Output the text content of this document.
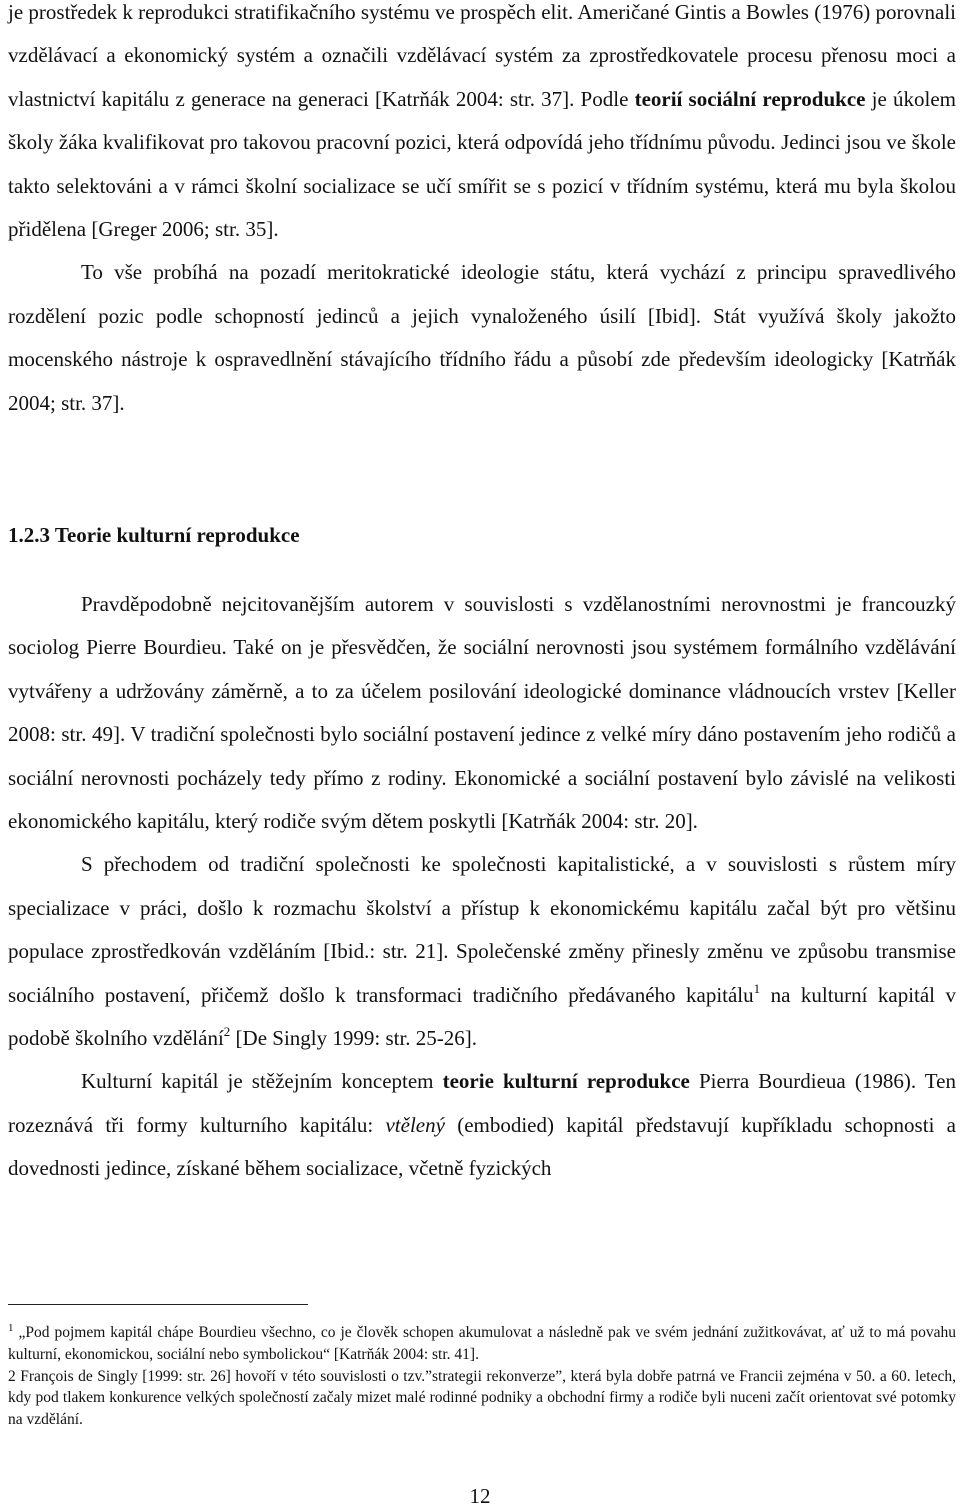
je prostředek k reprodukci stratifikačního systému ve prospěch elit. Američané Gintis a Bowles (1976) porovnali vzdělávací a ekonomický systém a označili vzdělávací systém za zprostředkovatele procesu přenosu moci a vlastnictví kapitálu z generace na generaci [Katrňák 2004: str. 37]. Podle teorií sociální reprodukce je úkolem školy žáka kvalifikovat pro takovou pracovní pozici, která odpovídá jeho třídnímu původu. Jedinci jsou ve škole takto selektováni a v rámci školní socializace se učí smířit se s pozicí v třídním systému, která mu byla školou přidělena [Greger 2006; str. 35].

To vše probíhá na pozadí meritokratické ideologie státu, která vychází z principu spravedlivého rozdělení pozic podle schopností jedinců a jejich vynaloženého úsilí [Ibid]. Stát využívá školy jakožto mocenského nástroje k ospravedlnění stávajícího třídního řádu a působí zde především ideologicky [Katrňák 2004; str. 37].

1.2.3 Teorie kulturní reprodukce

Pravděpodobně nejcitovanějším autorem v souvislosti s vzdělanostními nerovnostmi je francouzký sociolog Pierre Bourdieu. Také on je přesvědčen, že sociální nerovnosti jsou systémem formálního vzdělávání vytvářeny a udržovány záměrně, a to za účelem posilování ideologické dominance vládnoucích vrstev [Keller 2008: str. 49]. V tradiční společnosti bylo sociální postavení jedince z velké míry dáno postavením jeho rodičů a sociální nerovnosti pocházely tedy přímo z rodiny. Ekonomické a sociální postavení bylo závislé na velikosti ekonomického kapitálu, který rodiče svým dětem poskytli [Katrňák 2004: str. 20].

S přechodem od tradiční společnosti ke společnosti kapitalistické, a v souvislosti s růstem míry specializace v práci, došlo k rozmachu školství a přístup k ekonomickému kapitálu začal být pro většinu populace zprostředkován vzděláním [Ibid.: str. 21]. Společenské změny přinesly změnu ve způsobu transmise sociálního postavení, přičemž došlo k transformaci tradičního předávaného kapitálu$^1$ na kulturní kapitál v podobě školního vzdělání$^2$ [De Singly 1999: str. 25-26].

Kulturní kapitál je stěžejním konceptem teorie kulturní reprodukce Pierra Bourdieua (1986). Ten rozeznává tři formy kulturního kapitálu: vtělený (embodied) kapitál představují kupříkladu schopnosti a dovednosti jedince, získané během socializace, včetně fyzických

$^1$ „Pod pojmem kapitál chápe Bourdieu všechno, co je člověk schopen akumulovat a následně pak ve svém jednání zužitkovávat, ať už to má povahu kulturní, ekonomickou, sociální nebo symbolickou“ [Katrňák 2004: str. 41].

2 François de Singly [1999: str. 26] hovoří v této souvislosti o tzv.”strategii rekonverze”, která byla dobře patrná ve Francii zejména v 50. a 60. letech, kdy pod tlakem konkurence velkých společností začaly mizet malé rodinné podniky a obchodní firmy a rodiče byli nuceni začít orientovat své potomky na vzdělání.

12
